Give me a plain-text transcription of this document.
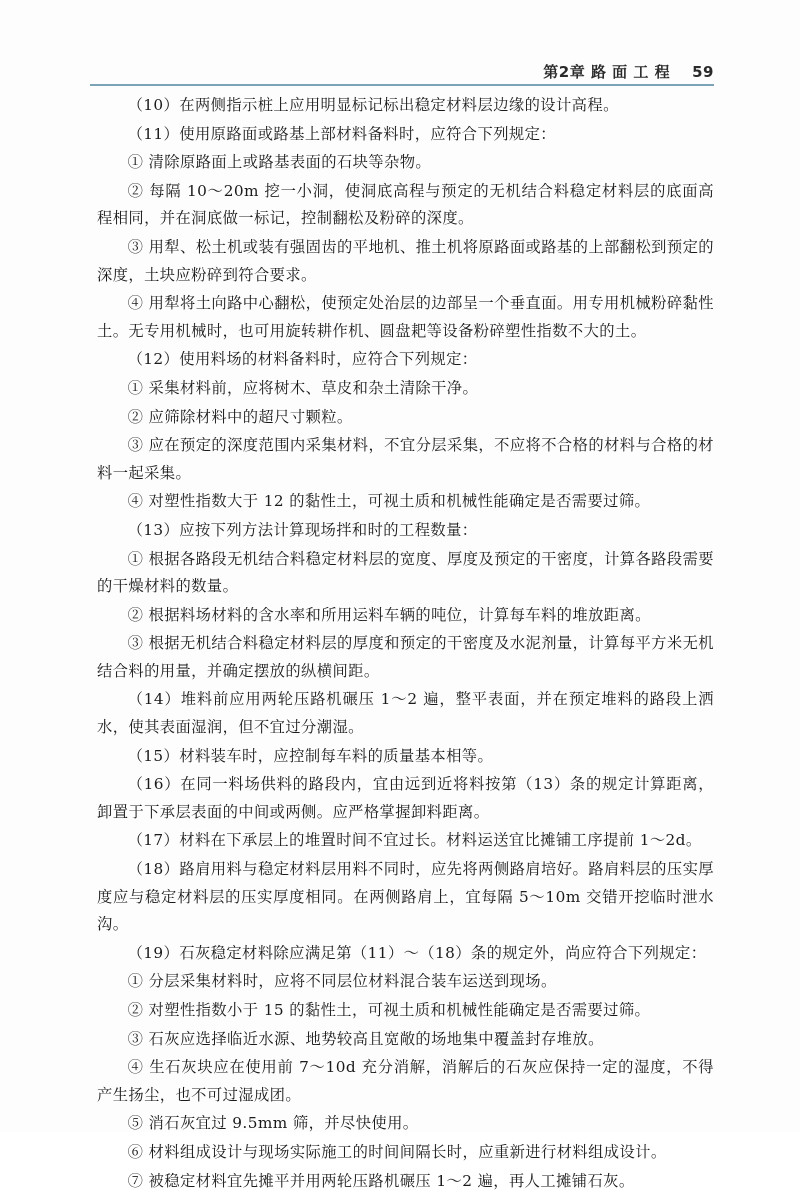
第2章 路 面 工 程 59

（10）在两侧指示桩上应用明显标记标出稳定材料层边缘的设计高程。

（11）使用原路面或路基上部材料备料时，应符合下列规定：

① 清除原路面上或路基表面的石块等杂物。

② 每隔 10～20m 挖一小洞，使洞底高程与预定的无机结合料稳定材料层的底面高程相同，并在洞底做一标记，控制翻松及粉碎的深度。

③ 用犁、松土机或装有强固齿的平地机、推土机将原路面或路基的上部翻松到预定的深度，土块应粉碎到符合要求。

④ 用犁将土向路中心翻松，使预定处治层的边部呈一个垂直面。用专用机械粉碎黏性土。无专用机械时，也可用旋转耕作机、圆盘耙等设备粉碎塑性指数不大的土。

（12）使用料场的材料备料时，应符合下列规定：

① 采集材料前，应将树木、草皮和杂土清除干净。

② 应筛除材料中的超尺寸颗粒。

③ 应在预定的深度范围内采集材料，不宜分层采集，不应将不合格的材料与合格的材料一起采集。

④ 对塑性指数大于 12 的黏性土，可视土质和机械性能确定是否需要过筛。

（13）应按下列方法计算现场拌和时的工程数量：

① 根据各路段无机结合料稳定材料层的宽度、厚度及预定的干密度，计算各路段需要的干燥材料的数量。

② 根据料场材料的含水率和所用运料车辆的吨位，计算每车料的堆放距离。

③ 根据无机结合料稳定材料层的厚度和预定的干密度及水泥剂量，计算每平方米无机结合料的用量，并确定摆放的纵横间距。

（14）堆料前应用两轮压路机碾压 1～2 遍，整平表面，并在预定堆料的路段上洒水，使其表面湿润，但不宜过分潮湿。

（15）材料装车时，应控制每车料的质量基本相等。

（16）在同一料场供料的路段内，宜由远到近将料按第（13）条的规定计算距离，卸置于下承层表面的中间或两侧。应严格掌握卸料距离。

（17）材料在下承层上的堆置时间不宜过长。材料运送宜比摊铺工序提前 1～2d。

（18）路肩用料与稳定材料层用料不同时，应先将两侧路肩培好。路肩料层的压实厚度应与稳定材料层的压实厚度相同。在两侧路肩上，宜每隔 5～10m 交错开挖临时泄水沟。

（19）石灰稳定材料除应满足第（11）～（18）条的规定外，尚应符合下列规定：

① 分层采集材料时，应将不同层位材料混合装车运送到现场。

② 对塑性指数小于 15 的黏性土，可视土质和机械性能确定是否需要过筛。

③ 石灰应选择临近水源、地势较高且宽敞的场地集中覆盖封存堆放。

④ 生石灰块应在使用前 7～10d 充分消解，消解后的石灰应保持一定的湿度，不得产生扬尘，也不可过湿成团。

⑤ 消石灰宜过 9.5mm 筛，并尽快使用。

⑥ 材料组成设计与现场实际施工的时间间隔长时，应重新进行材料组成设计。

⑦ 被稳定材料宜先摊平并用两轮压路机碾压 1～2 遍，再人工摊铺石灰。
